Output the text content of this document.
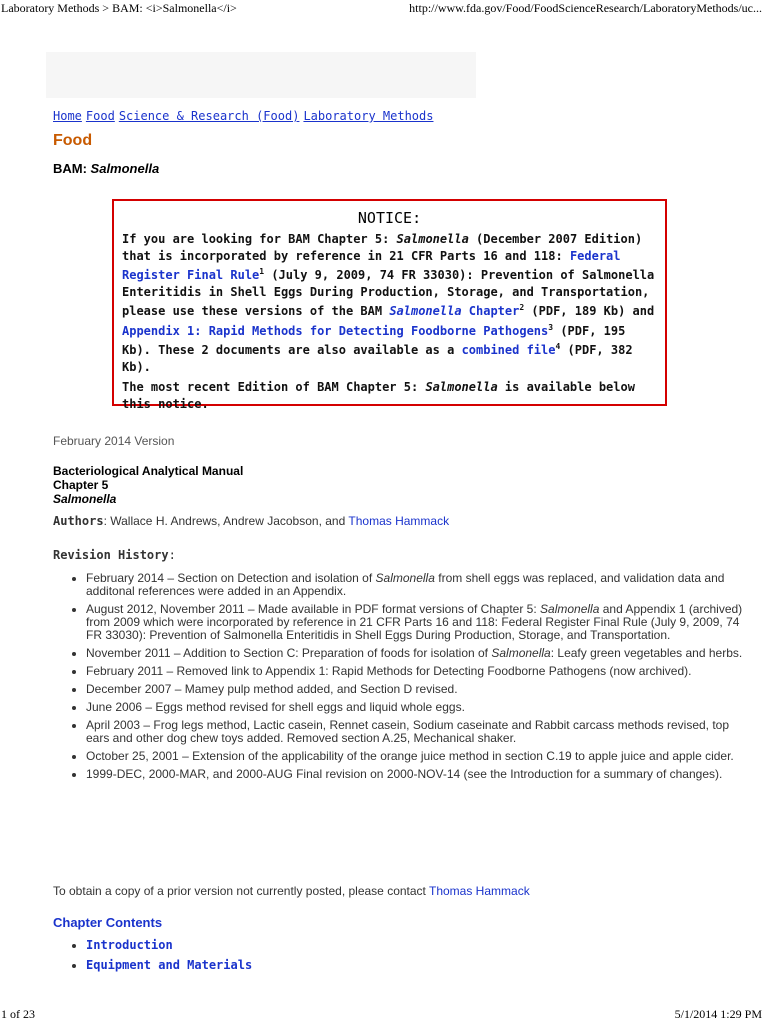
Laboratory Methods > BAM: <i>Salmonella</i>	http://www.fda.gov/Food/FoodScienceResearch/LaboratoryMethods/uc...
Home Food Science & Research (Food) Laboratory Methods
Food
BAM: Salmonella
NOTICE:

If you are looking for BAM Chapter 5: Salmonella (December 2007 Edition) that is incorporated by reference in 21 CFR Parts 16 and 118: Federal Register Final Rule$^1$ (July 9, 2009, 74 FR 33030): Prevention of Salmonella Enteritidis in Shell Eggs During Production, Storage, and Transportation, please use these versions of the BAM Salmonella Chapter$^2$ (PDF, 189 Kb) and Appendix 1: Rapid Methods for Detecting Foodborne Pathogens$^3$ (PDF, 195 Kb). These 2 documents are also available as a combined file$^4$ (PDF, 382 Kb).

The most recent Edition of BAM Chapter 5: Salmonella is available below this notice.

February 2014 Version
Bacteriological Analytical Manual
Chapter 5
Salmonella
Authors: Wallace H. Andrews, Andrew Jacobson, and Thomas Hammack
Revision History:
• February 2014 – Section on Detection and isolation of Salmonella from shell eggs was replaced, and validation data and additonal references were added in an Appendix.
• August 2012, November 2011 – Made available in PDF format versions of Chapter 5: Salmonella and Appendix 1 (archived) from 2009 which were incorporated by reference in 21 CFR Parts 16 and 118: Federal Register Final Rule (July 9, 2009, 74 FR 33030): Prevention of Salmonella Enteritidis in Shell Eggs During Production, Storage, and Transportation.
• November 2011 – Addition to Section C: Preparation of foods for isolation of Salmonella: Leafy green vegetables and herbs.
• February 2011 – Removed link to Appendix 1: Rapid Methods for Detecting Foodborne Pathogens (now archived).
• December 2007 – Mamey pulp method added, and Section D revised.
• June 2006 – Eggs method revised for shell eggs and liquid whole eggs.
• April 2003 – Frog legs method, Lactic casein, Rennet casein, Sodium caseinate and Rabbit carcass methods revised, top ears and other dog chew toys added. Removed section A.25, Mechanical shaker.
• October 25, 2001 – Extension of the applicability of the orange juice method in section C.19 to apple juice and apple cider.
• 1999-DEC, 2000-MAR, and 2000-AUG Final revision on 2000-NOV-14 (see the Introduction for a summary of changes).
To obtain a copy of a prior version not currently posted, please contact Thomas Hammack
Chapter Contents
• Introduction
• Equipment and Materials
1 of 23	5/1/2014 1:29 PM
